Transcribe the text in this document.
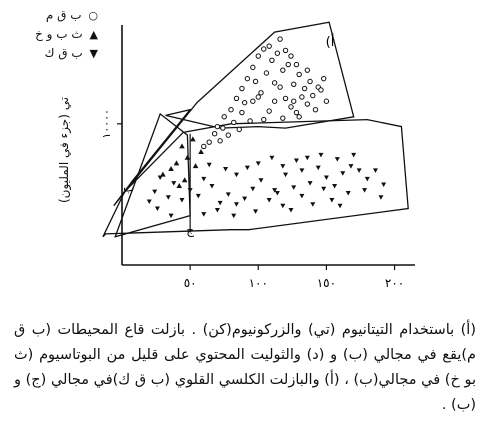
٥٠	١٠٠	١٥٠	٢٠٠
١٠٠٠٠
(أ
ب
ج
○ ب ق م
▲ ث ب و خ
▼ ب ق ك
تي (جزء في المليون)
(أ) باستخدام التيتانيوم (تي) والزركونيوم(كن) . بازلت قاع المحيطات (ب ق م)يقع في مجالي (ب) و (د) والثوليت المحتوي على قليل من البوتاسيوم (ث بو خ) في مجالي(ب) ، (أ) والبازلت الكلسي القلوي (ب ق ك)في مجالي (ج) و (ب) .
